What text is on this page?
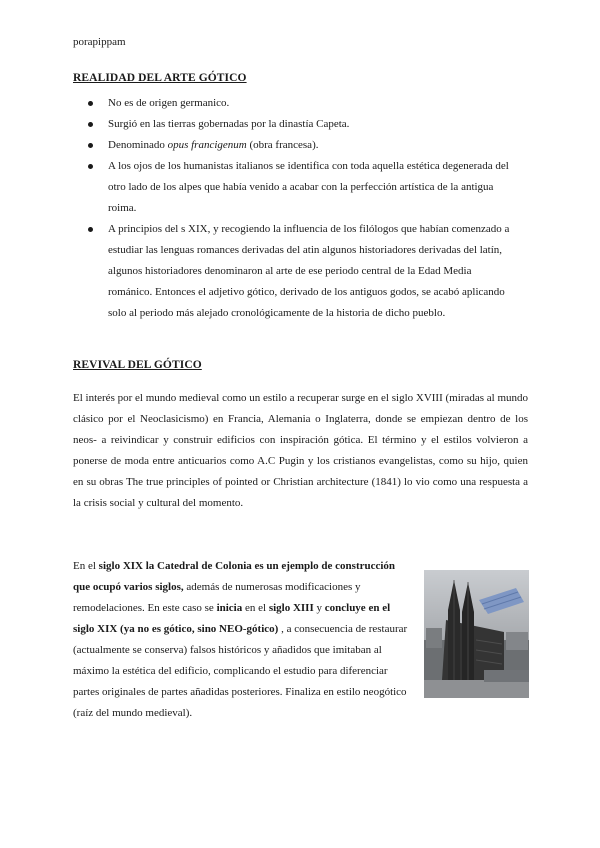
porapippam
REALIDAD DEL ARTE GÓTICO
No es de origen germanico.
Surgió en las tierras gobernadas por la dinastía Capeta.
Denominado opus francigenum (obra francesa).
A los ojos de los humanistas italianos se identifica con toda aquella estética degenerada del otro lado de los alpes que había venido a acabar con la perfección artística de la antigua roima.
A principios del s XIX, y recogiendo la influencia de los filólogos que habían comenzado a estudiar las lenguas romances derivadas del atin algunos historiadores derivadas del latín, algunos historiadores denominaron al arte de ese periodo central de la Edad Media románico. Entonces el adjetivo gótico, derivado de los antiguos godos, se acabó aplicando solo al periodo más alejado cronológicamente de la historia de dicho pueblo.
REVIVAL DEL GÓTICO
El interés por el mundo medieval como un estilo a recuperar surge en el siglo XVIII (miradas al mundo clásico por el Neoclasicismo) en Francia, Alemania o Inglaterra, donde se empiezan dentro de los neos- a reivindicar y construir edificios con inspiración gótica. El término y el estilos volvieron a ponerse de moda entre anticuarios como A.C Pugin y los cristianos evangelistas, como su hijo, quien en su obras The true principles of pointed or Christian architecture (1841) lo vio como una respuesta a la crisis social y cultural del momento.
En el siglo XIX la Catedral de Colonia es un ejemplo de construcción que ocupó varios siglos, además de numerosas modificaciones y remodelaciones. En este caso se inicia en el siglo XIII y concluye en el siglo XIX (ya no es gótico, sino NEO-gótico) , a consecuencia de restaurar (actualmente se conserva) falsos históricos y añadidos que imitaban al máximo la estética del edificio, complicando el estudio para diferenciar partes originales de partes añadidas posteriores. Finaliza en estilo neogótico (raíz del mundo medieval).
